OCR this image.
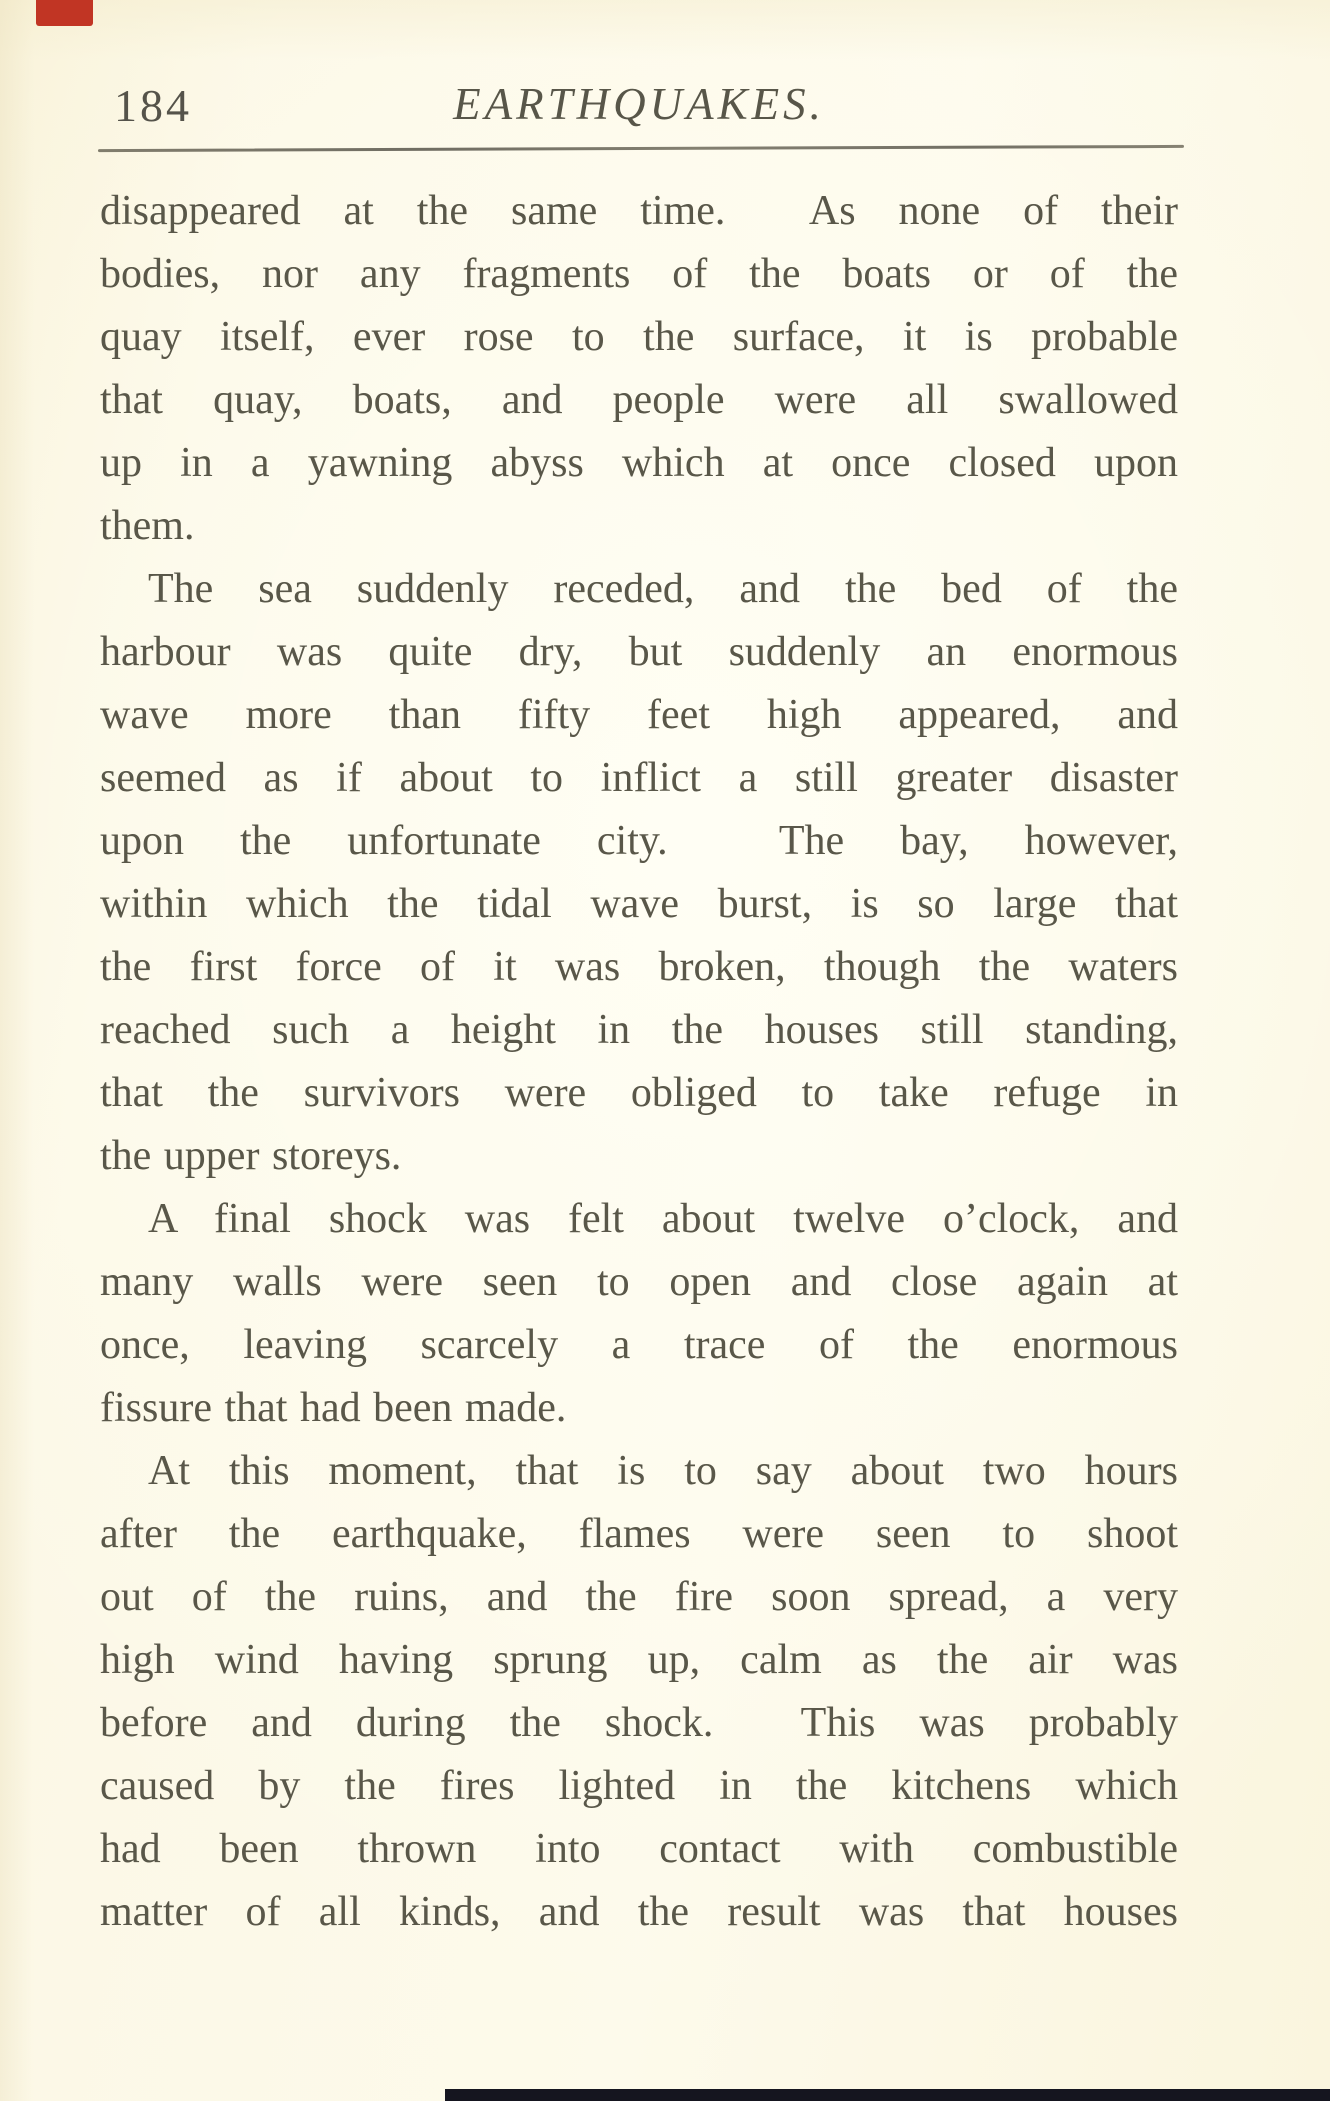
184	EARTHQUAKES.
disappeared at the same time.  As none of their
bodies, nor any fragments of the boats or of the
quay itself, ever rose to the surface, it is probable
that quay, boats, and people were all swallowed
up in a yawning abyss which at once closed upon
them.
The sea suddenly receded, and the bed of the
harbour was quite dry, but suddenly an enormous
wave more than fifty feet high appeared, and
seemed as if about to inflict a still greater disaster
upon the unfortunate city.  The bay, however,
within which the tidal wave burst, is so large that
the first force of it was broken, though the waters
reached such a height in the houses still standing,
that the survivors were obliged to take refuge in
the upper storeys.
A final shock was felt about twelve o’clock, and
many walls were seen to open and close again at
once, leaving scarcely a trace of the enormous
fissure that had been made.
At this moment, that is to say about two hours
after the earthquake, flames were seen to shoot
out of the ruins, and the fire soon spread, a very
high wind having sprung up, calm as the air was
before and during the shock.  This was probably
caused by the fires lighted in the kitchens which
had been thrown into contact with combustible
matter of all kinds, and the result was that houses
